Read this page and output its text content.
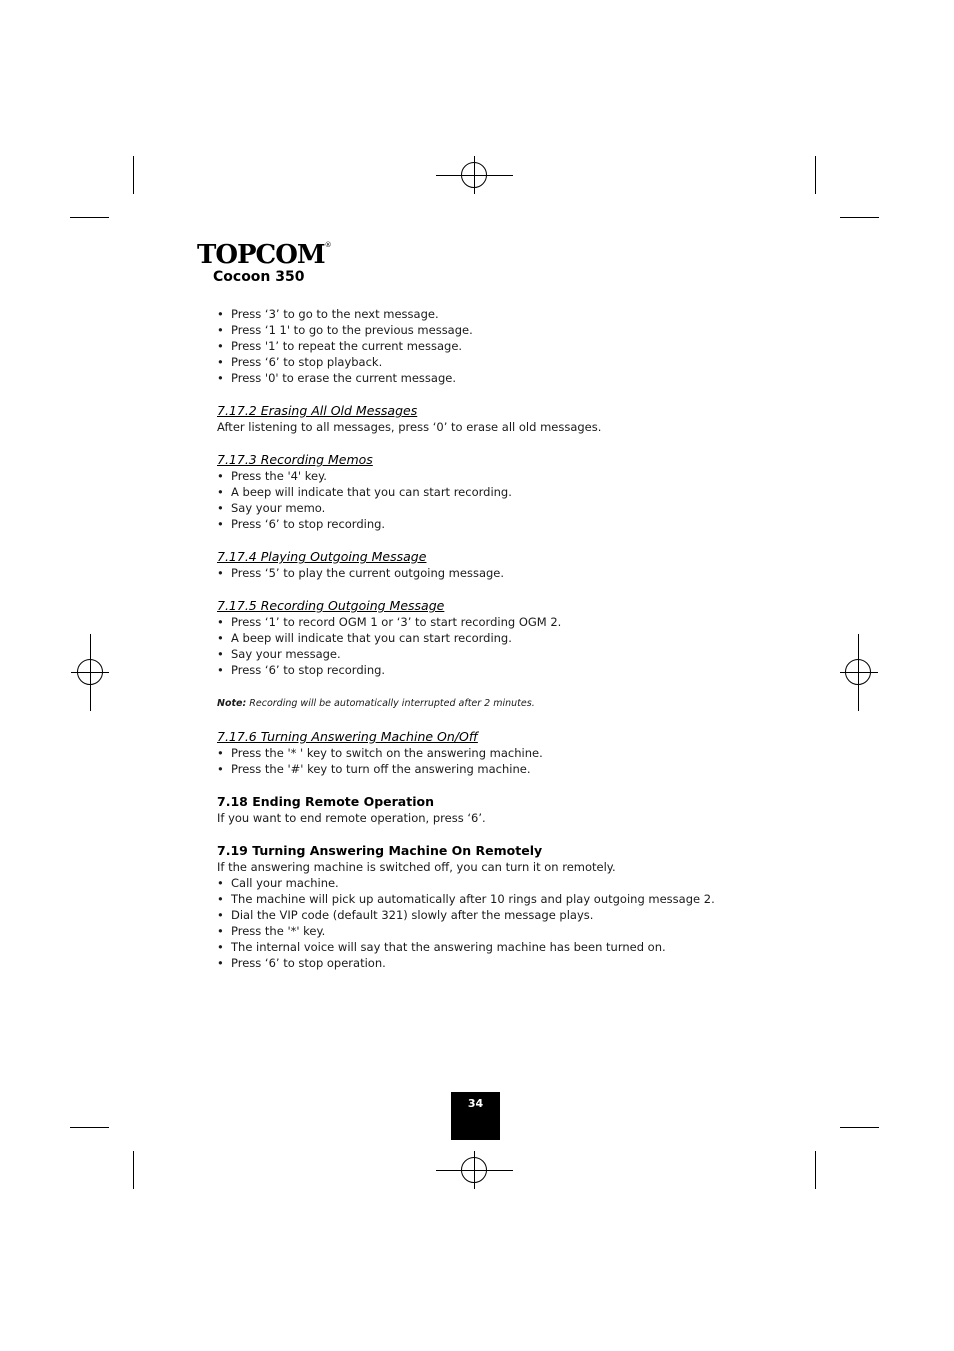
TOPCOM®
Cocoon 350
• Press ‘3’ to go to the next message.
• Press ‘1 1' to go to the previous message.
• Press '1’ to repeat the current message.
• Press ‘6’ to stop playback.
• Press '0' to erase the current message.
7.17.2 Erasing All Old Messages

After listening to all messages, press ‘0’ to erase all old messages.

7.17.3 Recording Memos
• Press the '4' key.
• A beep will indicate that you can start recording.
• Say your memo.
• Press ‘6’ to stop recording.
7.17.4 Playing Outgoing Message
• Press ‘5’ to play the current outgoing message.
7.17.5 Recording Outgoing Message
• Press ‘1’ to record OGM 1 or ‘3’ to start recording OGM 2.
• A beep will indicate that you can start recording.
• Say your message.
• Press ‘6’ to stop recording.

Note: Recording will be automatically interrupted after 2 minutes.

7.17.6 Turning Answering Machine On/Off
• Press the '* ' key to switch on the answering machine.
• Press the '#' key to turn off the answering machine.
7.18 Ending Remote Operation

If you want to end remote operation, press ‘6’.

7.19 Turning Answering Machine On Remotely

If the answering machine is switched off, you can turn it on remotely.

• Call your machine.
• The machine will pick up automatically after 10 rings and play outgoing message 2.
• Dial the VIP code (default 321) slowly after the message plays.
• Press the '*' key.
• The internal voice will say that the answering machine has been turned on.
• Press ‘6’ to stop operation.
34
